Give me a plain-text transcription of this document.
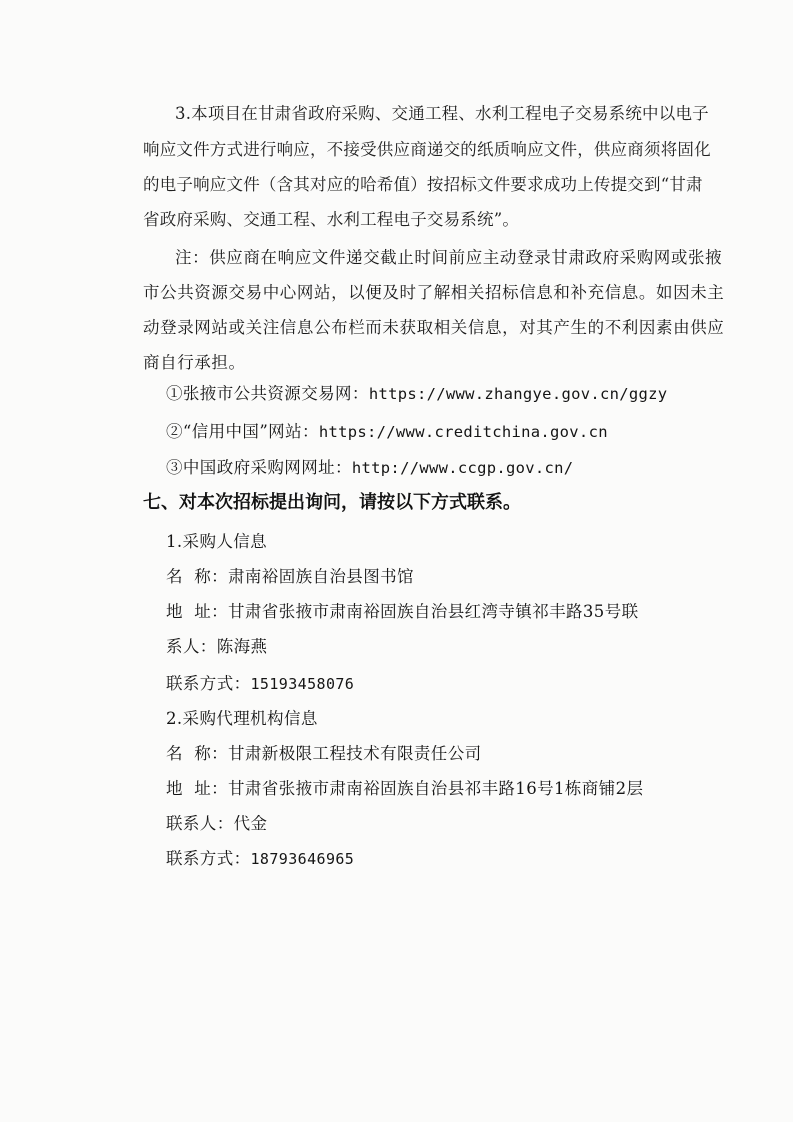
3.本项目在甘肃省政府采购、交通工程、水利工程电子交易系统中以电子
响应文件方式进行响应，不接受供应商递交的纸质响应文件，供应商须将固化
的电子响应文件（含其对应的哈希值）按招标文件要求成功上传提交到“甘肃
省政府采购、交通工程、水利工程电子交易系统”。
注：供应商在响应文件递交截止时间前应主动登录甘肃政府采购网或张掖
市公共资源交易中心网站，以便及时了解相关招标信息和补充信息。如因未主
动登录网站或关注信息公布栏而未获取相关信息，对其产生的不利因素由供应
商自行承担。
①张掖市公共资源交易网：https://www.zhangye.gov.cn/ggzy
②“信用中国”网站：https://www.creditchina.gov.cn
③中国政府采购网网址：http://www.ccgp.gov.cn/
七、对本次招标提出询问，请按以下方式联系。
1.采购人信息
名  称：肃南裕固族自治县图书馆
地  址：甘肃省张掖市肃南裕固族自治县红湾寺镇祁丰路35号联
系人：陈海燕
联系方式：15193458076
2.采购代理机构信息
名  称：甘肃新极限工程技术有限责任公司
地  址：甘肃省张掖市肃南裕固族自治县祁丰路16号1栋商铺2层
联系人：代金
联系方式：18793646965
